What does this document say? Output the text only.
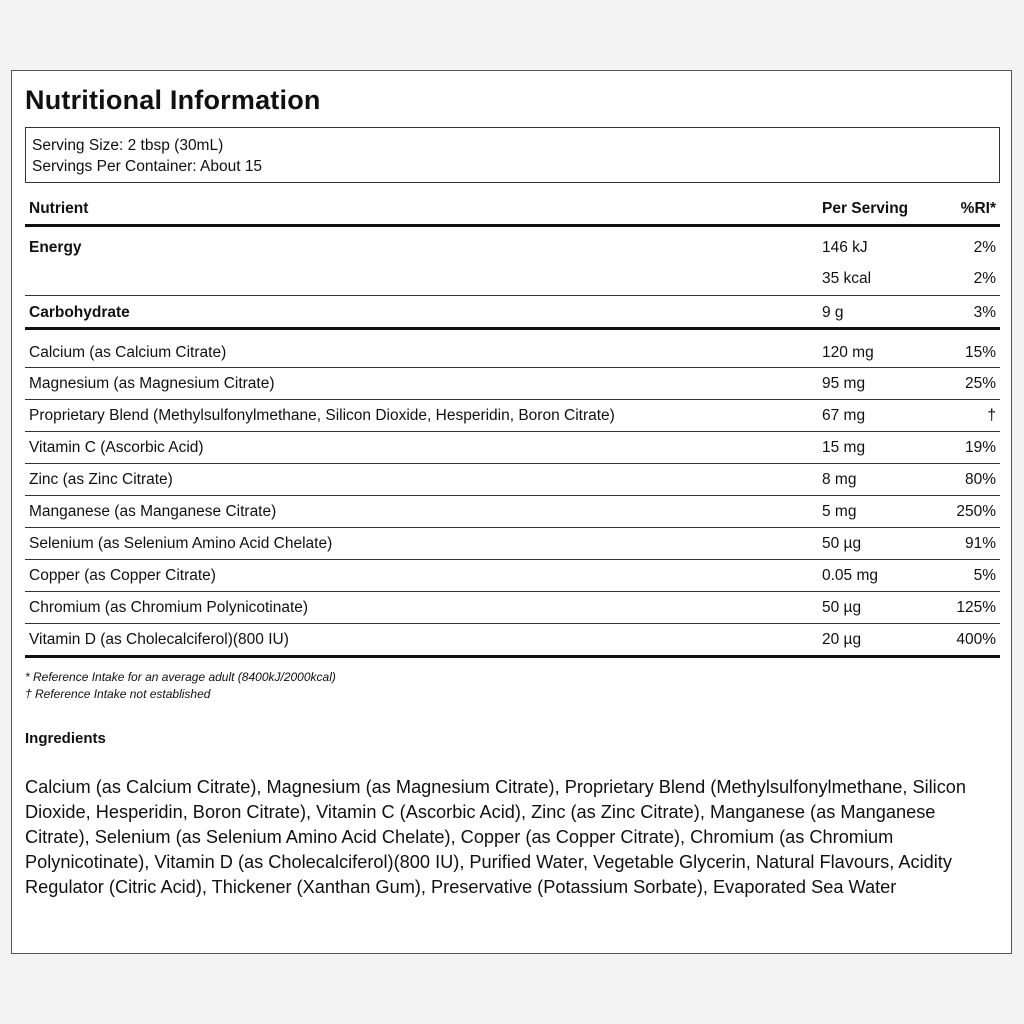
Nutritional Information
Serving Size: 2 tbsp (30mL)
Servings Per Container: About 15
Nutrient	Per Serving	%RI*
Energy	146 kJ	2%
35 kcal	2%
Carbohydrate	9 g	3%
Calcium (as Calcium Citrate)	120 mg	15%
Magnesium (as Magnesium Citrate)	95 mg	25%
Proprietary Blend (Methylsulfonylmethane, Silicon Dioxide, Hesperidin, Boron Citrate)	67 mg	†
Vitamin C (Ascorbic Acid)	15 mg	19%
Zinc (as Zinc Citrate)	8 mg	80%
Manganese (as Manganese Citrate)	5 mg	250%
Selenium (as Selenium Amino Acid Chelate)	50 µg	91%
Copper (as Copper Citrate)	0.05 mg	5%
Chromium (as Chromium Polynicotinate)	50 µg	125%
Vitamin D (as Cholecalciferol)(800 IU)	20 µg	400%
* Reference Intake for an average adult (8400kJ/2000kcal)
† Reference Intake not established
Ingredients
Calcium (as Calcium Citrate), Magnesium (as Magnesium Citrate), Proprietary Blend (Methylsulfonylmethane, Silicon Dioxide, Hesperidin, Boron Citrate), Vitamin C (Ascorbic Acid), Zinc (as Zinc Citrate), Manganese (as Manganese Citrate), Selenium (as Selenium Amino Acid Chelate), Copper (as Copper Citrate), Chromium (as Chromium Polynicotinate), Vitamin D (as Cholecalciferol)(800 IU), Purified Water, Vegetable Glycerin, Natural Flavours, Acidity Regulator (Citric Acid), Thickener (Xanthan Gum), Preservative (Potassium Sorbate), Evaporated Sea Water
